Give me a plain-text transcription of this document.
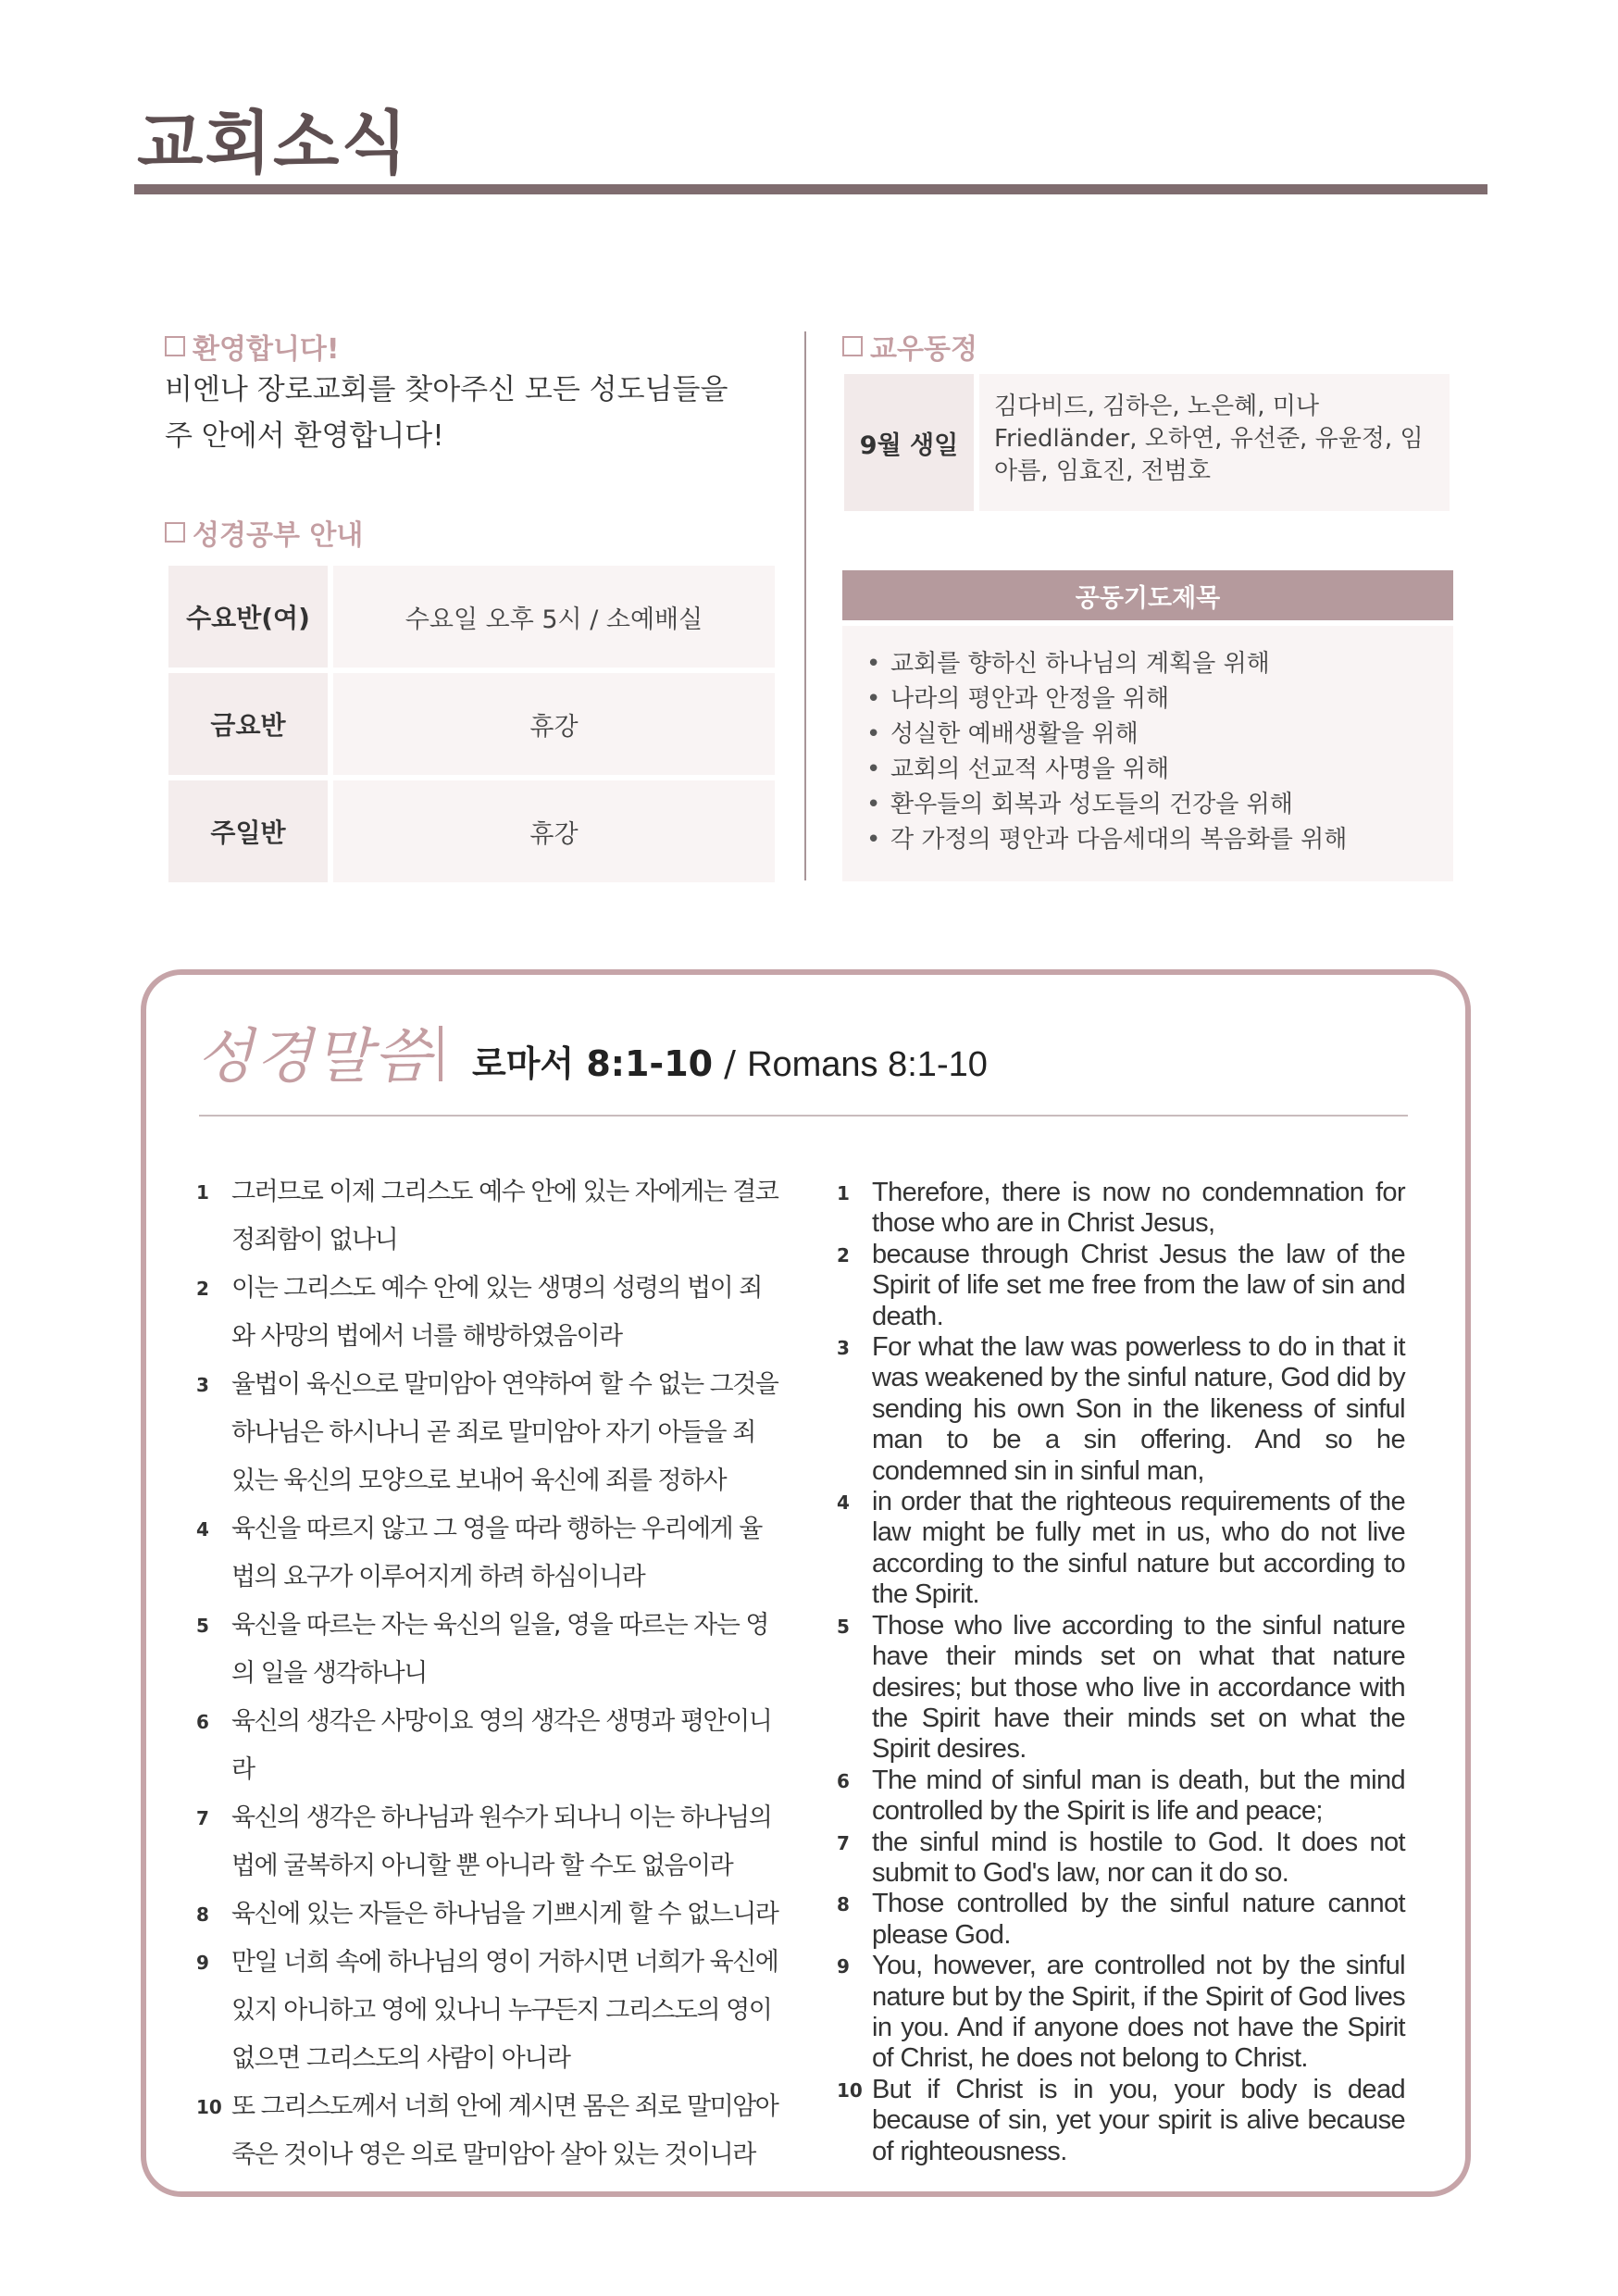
교회소식
환영합니다!

비엔나 장로교회를 찾아주신 모든 성도님들을 주 안에서 환영합니다!

성경공부 안내
수요반(여)	수요일 오후 5시 / 소예배실
금요반	휴강
주일반	휴강
교우동정
9월 생일
김다비드, 김하은, 노은혜, 미나 Friedländer, 오하연, 유선준, 유윤정, 임아름, 임효진, 전범호
공동기도제목
• 교회를 향하신 하나님의 계획을 위해
• 나라의 평안과 안정을 위해
• 성실한 예배생활을 위해
• 교회의 선교적 사명을 위해
• 환우들의 회복과 성도들의 건강을 위해
• 각 가정의 평안과 다음세대의 복음화를 위해
성경말씀 로마서 8:1-10 / Romans 8:1-10
1 그러므로 이제 그리스도 예수 안에 있는 자에게는 결코 정죄함이 없나니
2 이는 그리스도 예수 안에 있는 생명의 성령의 법이 죄와 사망의 법에서 너를 해방하였음이라
3 율법이 육신으로 말미암아 연약하여 할 수 없는 그것을 하나님은 하시나니 곧 죄로 말미암아 자기 아들을 죄 있는 육신의 모양으로 보내어 육신에 죄를 정하사
4 육신을 따르지 않고 그 영을 따라 행하는 우리에게 율법의 요구가 이루어지게 하려 하심이니라
5 육신을 따르는 자는 육신의 일을, 영을 따르는 자는 영의 일을 생각하나니
6 육신의 생각은 사망이요 영의 생각은 생명과 평안이니라
7 육신의 생각은 하나님과 원수가 되나니 이는 하나님의 법에 굴복하지 아니할 뿐 아니라 할 수도 없음이라
8 육신에 있는 자들은 하나님을 기쁘시게 할 수 없느니라
9 만일 너희 속에 하나님의 영이 거하시면 너희가 육신에 있지 아니하고 영에 있나니 누구든지 그리스도의 영이 없으면 그리스도의 사람이 아니라
10 또 그리스도께서 너희 안에 계시면 몸은 죄로 말미암아 죽은 것이나 영은 의로 말미암아 살아 있는 것이니라
1 Therefore, there is now no condemnation for those who are in Christ Jesus,
2 because through Christ Jesus the law of the Spirit of life set me free from the law of sin and death.
3 For what the law was powerless to do in that it was weakened by the sinful nature, God did by sending his own Son in the likeness of sinful man to be a sin offering. And so he condemned sin in sinful man,
4 in order that the righteous requirements of the law might be fully met in us, who do not live according to the sinful nature but according to the Spirit.
5 Those who live according to the sinful nature have their minds set on what that nature desires; but those who live in accordance with the Spirit have their minds set on what the Spirit desires.
6 The mind of sinful man is death, but the mind controlled by the Spirit is life and peace;
7 the sinful mind is hostile to God. It does not submit to God's law, nor can it do so.
8 Those controlled by the sinful nature cannot please God.
9 You, however, are controlled not by the sinful nature but by the Spirit, if the Spirit of God lives in you. And if anyone does not have the Spirit of Christ, he does not belong to Christ.
10 But if Christ is in you, your body is dead because of sin, yet your spirit is alive because of righteousness.
